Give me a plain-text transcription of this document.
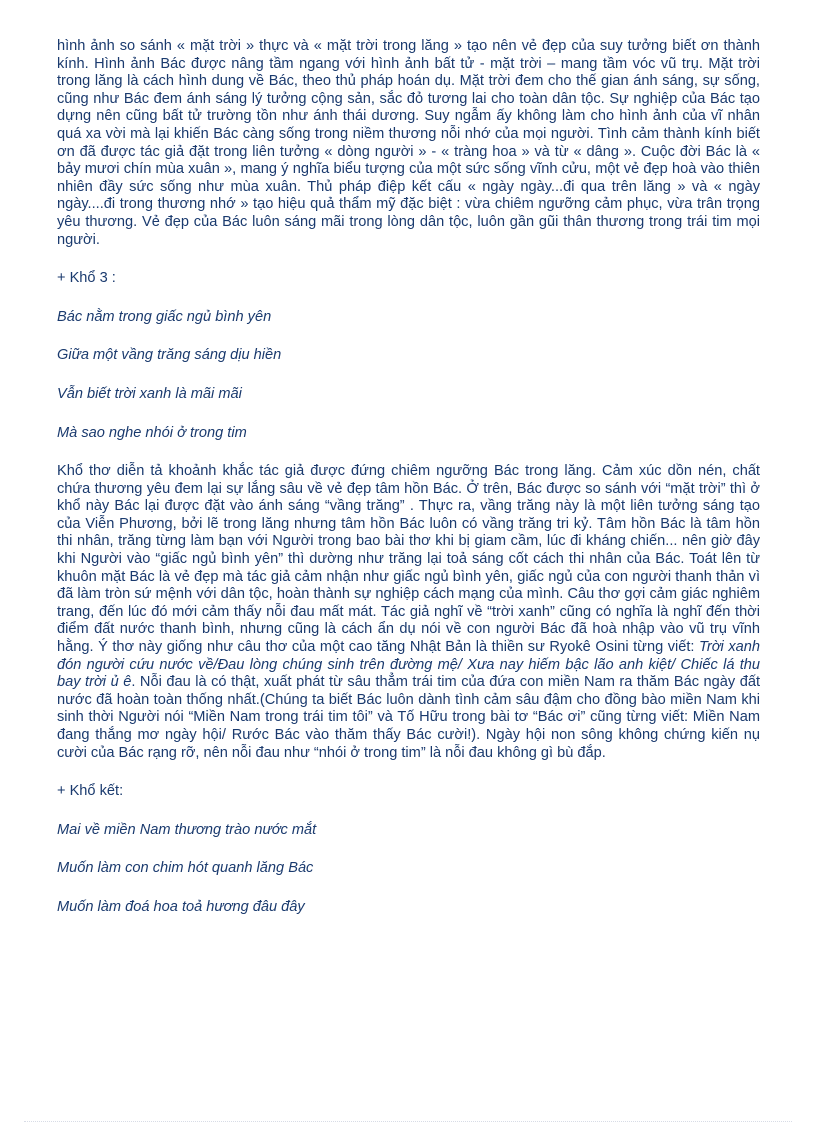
hình ảnh so sánh « mặt trời » thực và « mặt trời trong lăng » tạo nên vẻ đẹp của suy tưởng biết ơn thành kính. Hình ảnh Bác được nâng tầm ngang với hình ảnh bất tử - mặt trời – mang tầm vóc vũ trụ. Mặt trời trong lăng là cách hình dung về Bác, theo thủ pháp hoán dụ. Mặt trời đem cho thế gian ánh sáng, sự sống, cũng như Bác đem ánh sáng lý tưởng cộng sản, sắc đỏ tương lai cho toàn dân tộc. Sự nghiệp của Bác tạo dựng nên cũng bất tử trường tồn như ánh thái dương. Suy ngẫm ấy không làm cho hình ảnh của vĩ nhân quá xa vời mà lại khiến Bác càng sống trong niềm thương nỗi nhớ của mọi người. Tình cảm thành kính biết ơn đã được tác giả đặt trong liên tưởng « dòng người » - « tràng hoa » và từ « dâng ». Cuộc đời Bác là « bảy mươi chín mùa xuân », mang ý nghĩa biểu tượng của một sức sống vĩnh cửu, một vẻ đẹp hoà vào thiên nhiên đầy sức sống như mùa xuân. Thủ pháp điệp kết cấu « ngày ngày...đi qua trên lăng » và « ngày ngày....đi trong thương nhớ » tạo hiệu quả thẩm mỹ đặc biệt : vừa chiêm ngưỡng cảm phục, vừa trân trọng yêu thương. Vẻ đẹp của Bác luôn sáng mãi trong lòng dân tộc, luôn gần gũi thân thương trong trái tim mọi người.

+ Khổ 3 :

Bác nằm trong giấc ngủ bình yên

Giữa một vầng trăng sáng dịu hiền

Vẫn biết trời xanh là mãi mãi

Mà sao nghe nhói ở trong tim

Khổ thơ diễn tả khoảnh khắc tác giả được đứng chiêm ngưỡng Bác trong lăng. Cảm xúc dồn nén, chất chứa thương yêu đem lại sự lắng sâu về vẻ đẹp tâm hồn Bác. Ở trên, Bác được so sánh với “mặt trời” thì ở khổ này Bác lại được đặt vào ánh sáng “vầng trăng” . Thực ra, vầng trăng này là một liên tưởng sáng tạo của Viễn Phương, bởi lẽ trong lăng nhưng tâm hồn Bác luôn có vầng trăng tri kỷ. Tâm hồn Bác là tâm hồn thi nhân, trăng từng làm bạn với Người trong bao bài thơ khi bị giam cầm, lúc đi kháng chiến... nên giờ đây khi Người vào “giấc ngủ bình yên” thì dường như trăng lại toả sáng cốt cách thi nhân của Bác. Toát lên từ khuôn mặt Bác là vẻ đẹp mà tác giả cảm nhận như giấc ngủ bình yên, giấc ngủ của con người thanh thản vì đã làm tròn sứ mệnh với dân tộc, hoàn thành sự nghiệp cách mạng của mình. Câu thơ gợi cảm giác nghiêm trang, đến lúc đó mới cảm thấy nỗi đau mất mát. Tác giả nghĩ về “trời xanh” cũng có nghĩa là nghĩ đến thời điểm đất nước thanh bình, nhưng cũng là cách ẩn dụ nói về con người Bác đã hoà nhập vào vũ trụ vĩnh hằng. Ý thơ này giống như câu thơ của một cao tăng Nhật Bản là thiền sư Ryokê Osini từng viết: Trời xanh đón người cứu nước về/Đau lòng chúng sinh trên đường mệ/ Xưa nay hiếm bậc lão anh kiệt/ Chiếc lá thu bay trời ủ ê. Nỗi đau là có thật, xuất phát từ sâu thẳm trái tim của đứa con miền Nam ra thăm Bác ngày đất nước đã hoàn toàn thống nhất.(Chúng ta biết Bác luôn dành tình cảm sâu đậm cho đồng bào miền Nam khi sinh thời Người nói “Miền Nam trong trái tim tôi” và Tố Hữu trong bài tơ “Bác ơi” cũng từng viết: Miền Nam đang thắng mơ ngày hội/ Rước Bác vào thăm thấy Bác cười!). Ngày hội non sông không chứng kiến nụ cười của Bác rạng rỡ, nên nỗi đau như “nhói ở trong tim” là nỗi đau không gì bù đắp.

+ Khổ kết:

Mai về miền Nam thương trào nước mắt

Muốn làm con chim hót quanh lăng Bác

Muốn làm đoá hoa toả hương đâu đây
